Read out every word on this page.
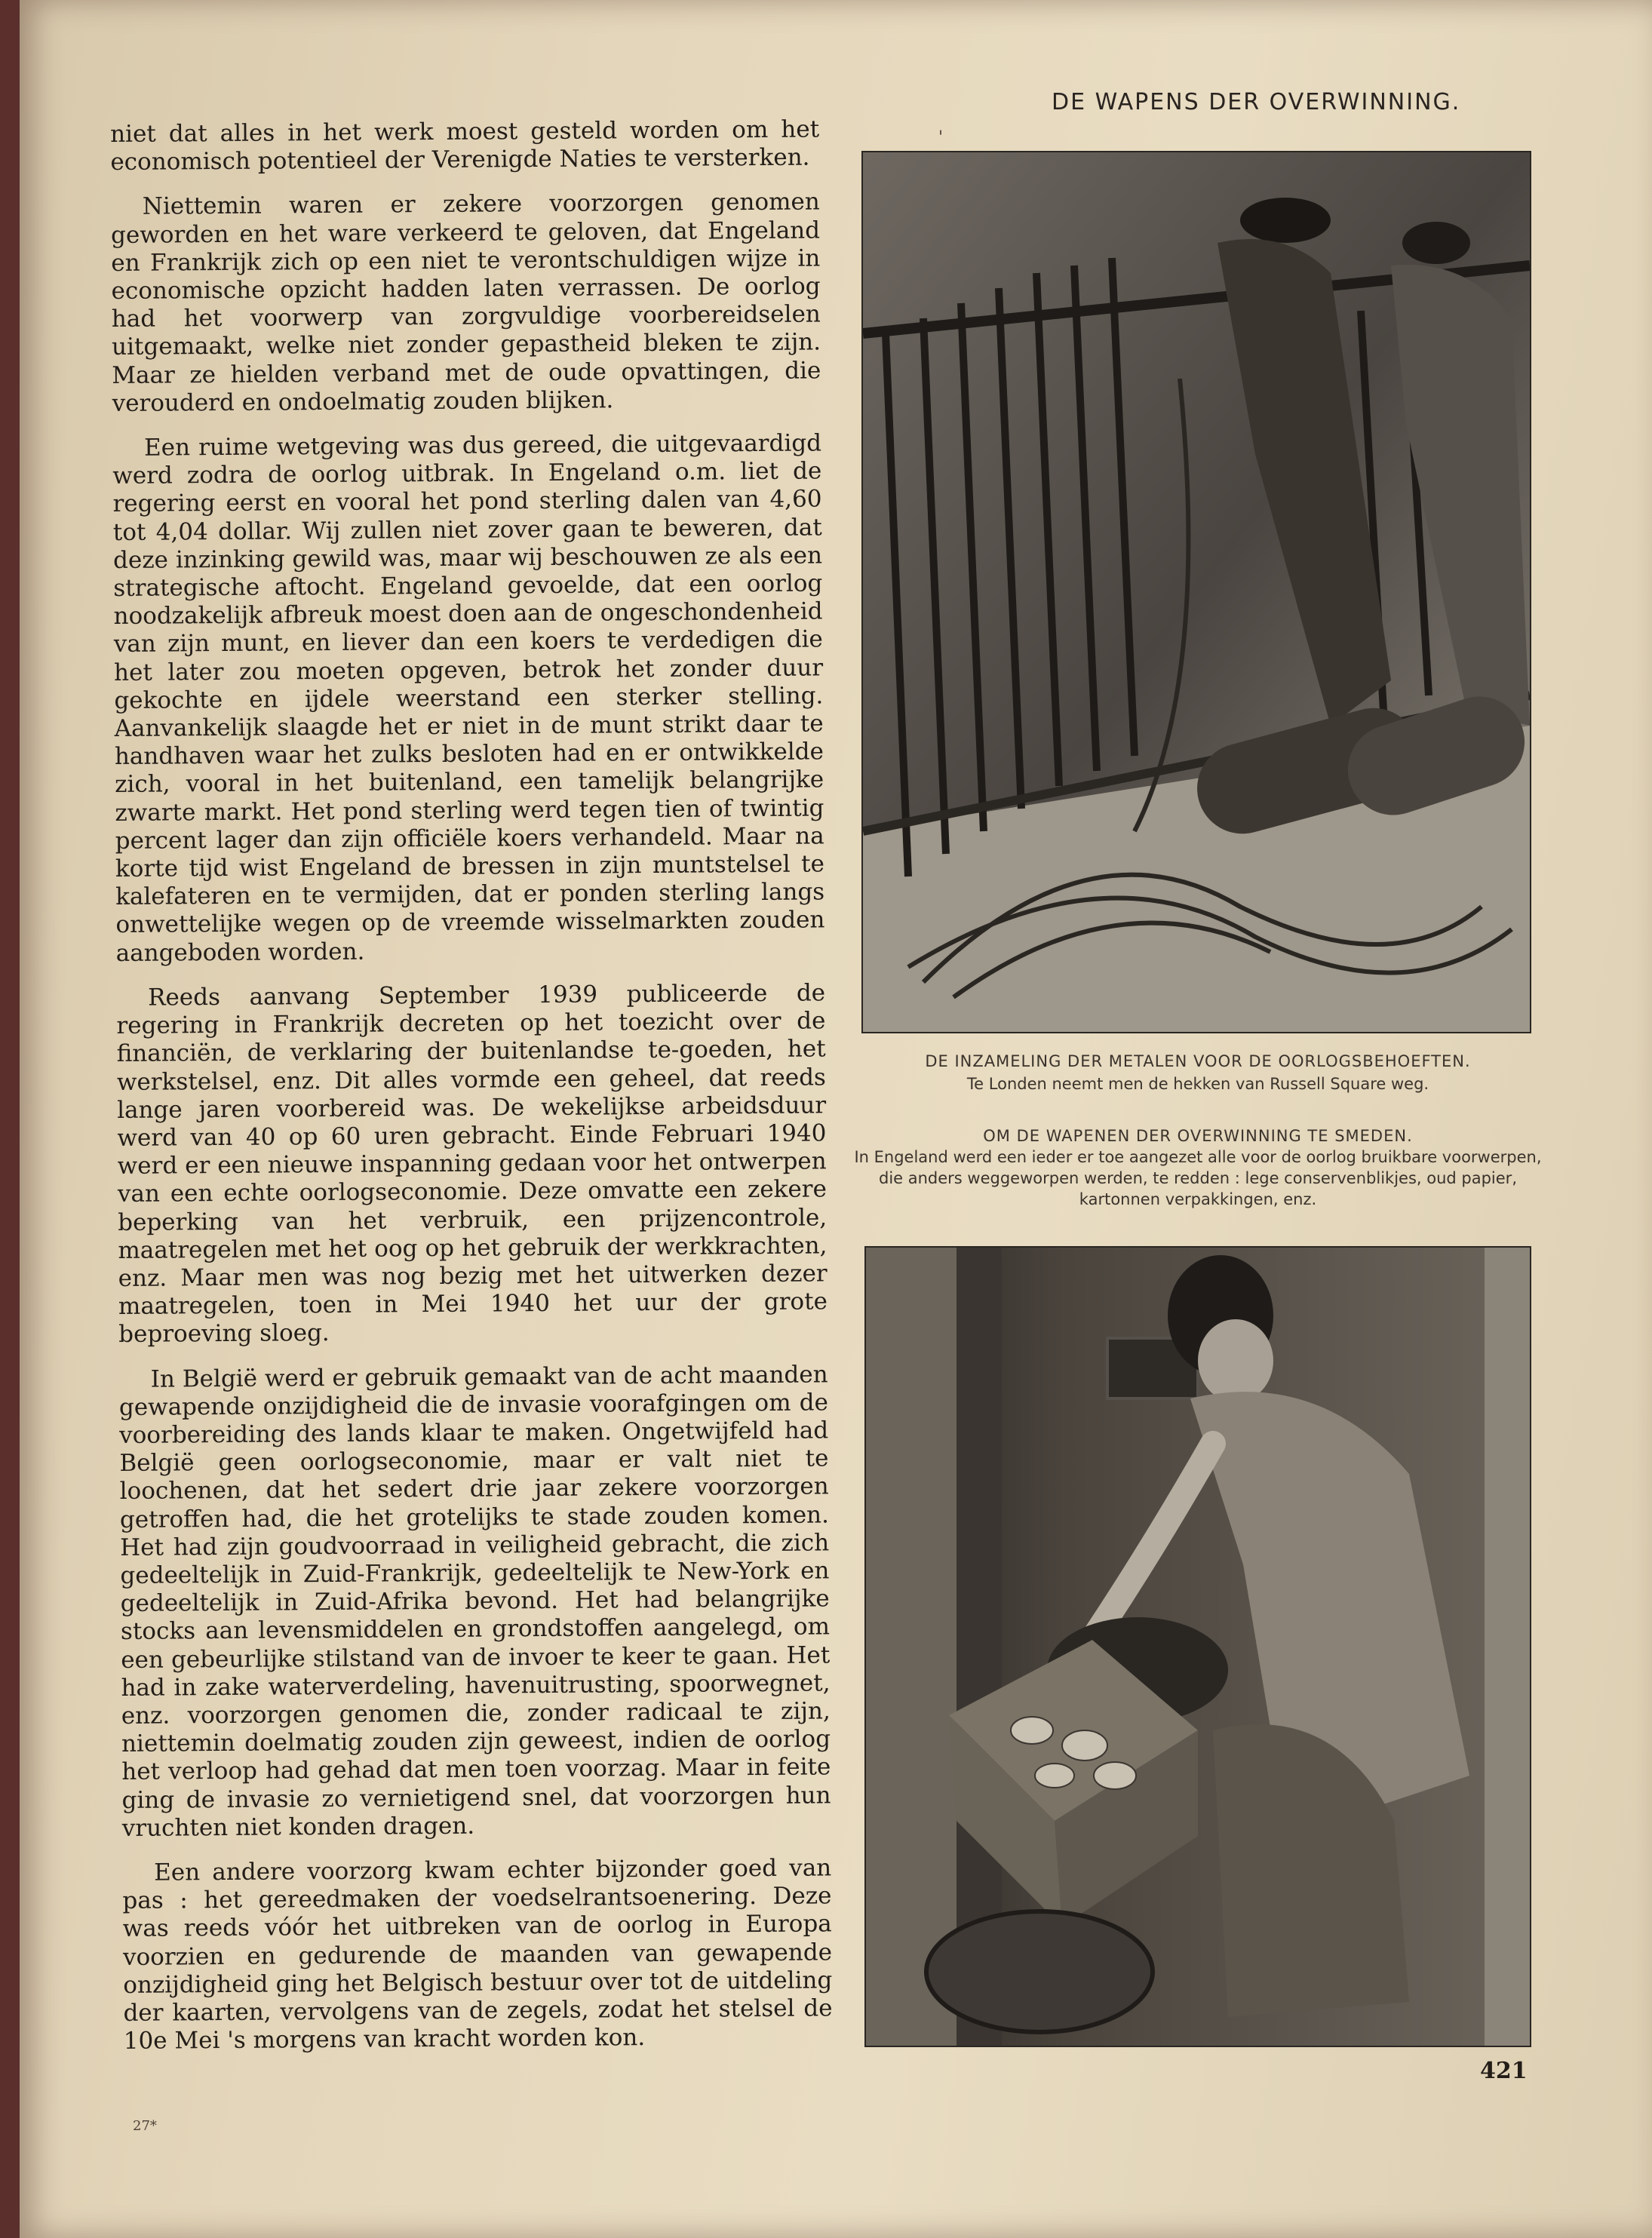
DE WAPENS DER OVERWINNING.
'

niet dat alles in het werk moest gesteld worden om het economisch potentieel der Verenigde Naties te versterken.

Niettemin waren er zekere voorzorgen genomen geworden en het ware verkeerd te geloven, dat Engeland en Frankrijk zich op een niet te verontschuldigen wijze in economische opzicht hadden laten verrassen. De oorlog had het voorwerp van zorgvuldige voorbereidselen uitgemaakt, welke niet zonder gepastheid bleken te zijn. Maar ze hielden verband met de oude opvattingen, die verouderd en ondoelmatig zouden blijken.

Een ruime wetgeving was dus gereed, die uitgevaardigd werd zodra de oorlog uitbrak. In Engeland o.m. liet de regering eerst en vooral het pond sterling dalen van 4,60 tot 4,04 dollar. Wij zullen niet zover gaan te beweren, dat deze inzinking gewild was, maar wij beschouwen ze als een strategische aftocht. Engeland gevoelde, dat een oorlog noodzakelijk afbreuk moest doen aan de ongeschondenheid van zijn munt, en liever dan een koers te verdedigen die het later zou moeten opgeven, betrok het zonder duur gekochte en ijdele weerstand een sterker stelling. Aanvankelijk slaagde het er niet in de munt strikt daar te handhaven waar het zulks besloten had en er ontwikkelde zich, vooral in het buitenland, een tamelijk belangrijke zwarte markt. Het pond sterling werd tegen tien of twintig percent lager dan zijn officiële koers verhandeld. Maar na korte tijd wist Engeland de bressen in zijn muntstelsel te kalefateren en te vermijden, dat er ponden sterling langs onwettelijke wegen op de vreemde wisselmarkten zouden aangeboden worden.

Reeds aanvang September 1939 publiceerde de regering in Frankrijk decreten op het toezicht over de financiën, de verklaring der buitenlandse te-goeden, het werkstelsel, enz. Dit alles vormde een geheel, dat reeds lange jaren voorbereid was. De wekelijkse arbeidsduur werd van 40 op 60 uren gebracht. Einde Februari 1940 werd er een nieuwe inspanning gedaan voor het ontwerpen van een echte oorlogseconomie. Deze omvatte een zekere beperking van het verbruik, een prijzencontrole, maatregelen met het oog op het gebruik der werkkrachten, enz. Maar men was nog bezig met het uitwerken dezer maatregelen, toen in Mei 1940 het uur der grote beproeving sloeg.

In België werd er gebruik gemaakt van de acht maanden gewapende onzijdigheid die de invasie voorafgingen om de voorbereiding des lands klaar te maken. Ongetwijfeld had België geen oorlogseconomie, maar er valt niet te loochenen, dat het sedert drie jaar zekere voorzorgen getroffen had, die het grotelijks te stade zouden komen. Het had zijn goudvoorraad in veiligheid gebracht, die zich gedeeltelijk in Zuid-Frankrijk, gedeeltelijk te New-York en gedeeltelijk in Zuid-Afrika bevond. Het had belangrijke stocks aan levensmiddelen en grondstoffen aangelegd, om een gebeurlijke stilstand van de invoer te keer te gaan. Het had in zake waterverdeling, havenuitrusting, spoorwegnet, enz. voorzorgen genomen die, zonder radicaal te zijn, niettemin doelmatig zouden zijn geweest, indien de oorlog het verloop had gehad dat men toen voorzag. Maar in feite ging de invasie zo vernietigend snel, dat voorzorgen hun vruchten niet konden dragen.

Een andere voorzorg kwam echter bijzonder goed van pas : het gereedmaken der voedselrantsoenering. Deze was reeds vóór het uitbreken van de oorlog in Europa voorzien en gedurende de maanden van gewapende onzijdigheid ging het Belgisch bestuur over tot de uitdeling der kaarten, vervolgens van de zegels, zodat het stelsel de 10e Mei 's morgens van kracht worden kon.

DE INZAMELING DER METALEN VOOR DE OORLOGSBEHOEFTEN.
Te Londen neemt men de hekken van Russell Square weg.
OM DE WAPENEN DER OVERWINNING TE SMEDEN.
In Engeland werd een ieder er toe aangezet alle voor de oorlog bruikbare voorwerpen, die anders weggeworpen werden, te redden : lege conservenblikjes, oud papier, kartonnen verpakkingen, enz.
421
27*
